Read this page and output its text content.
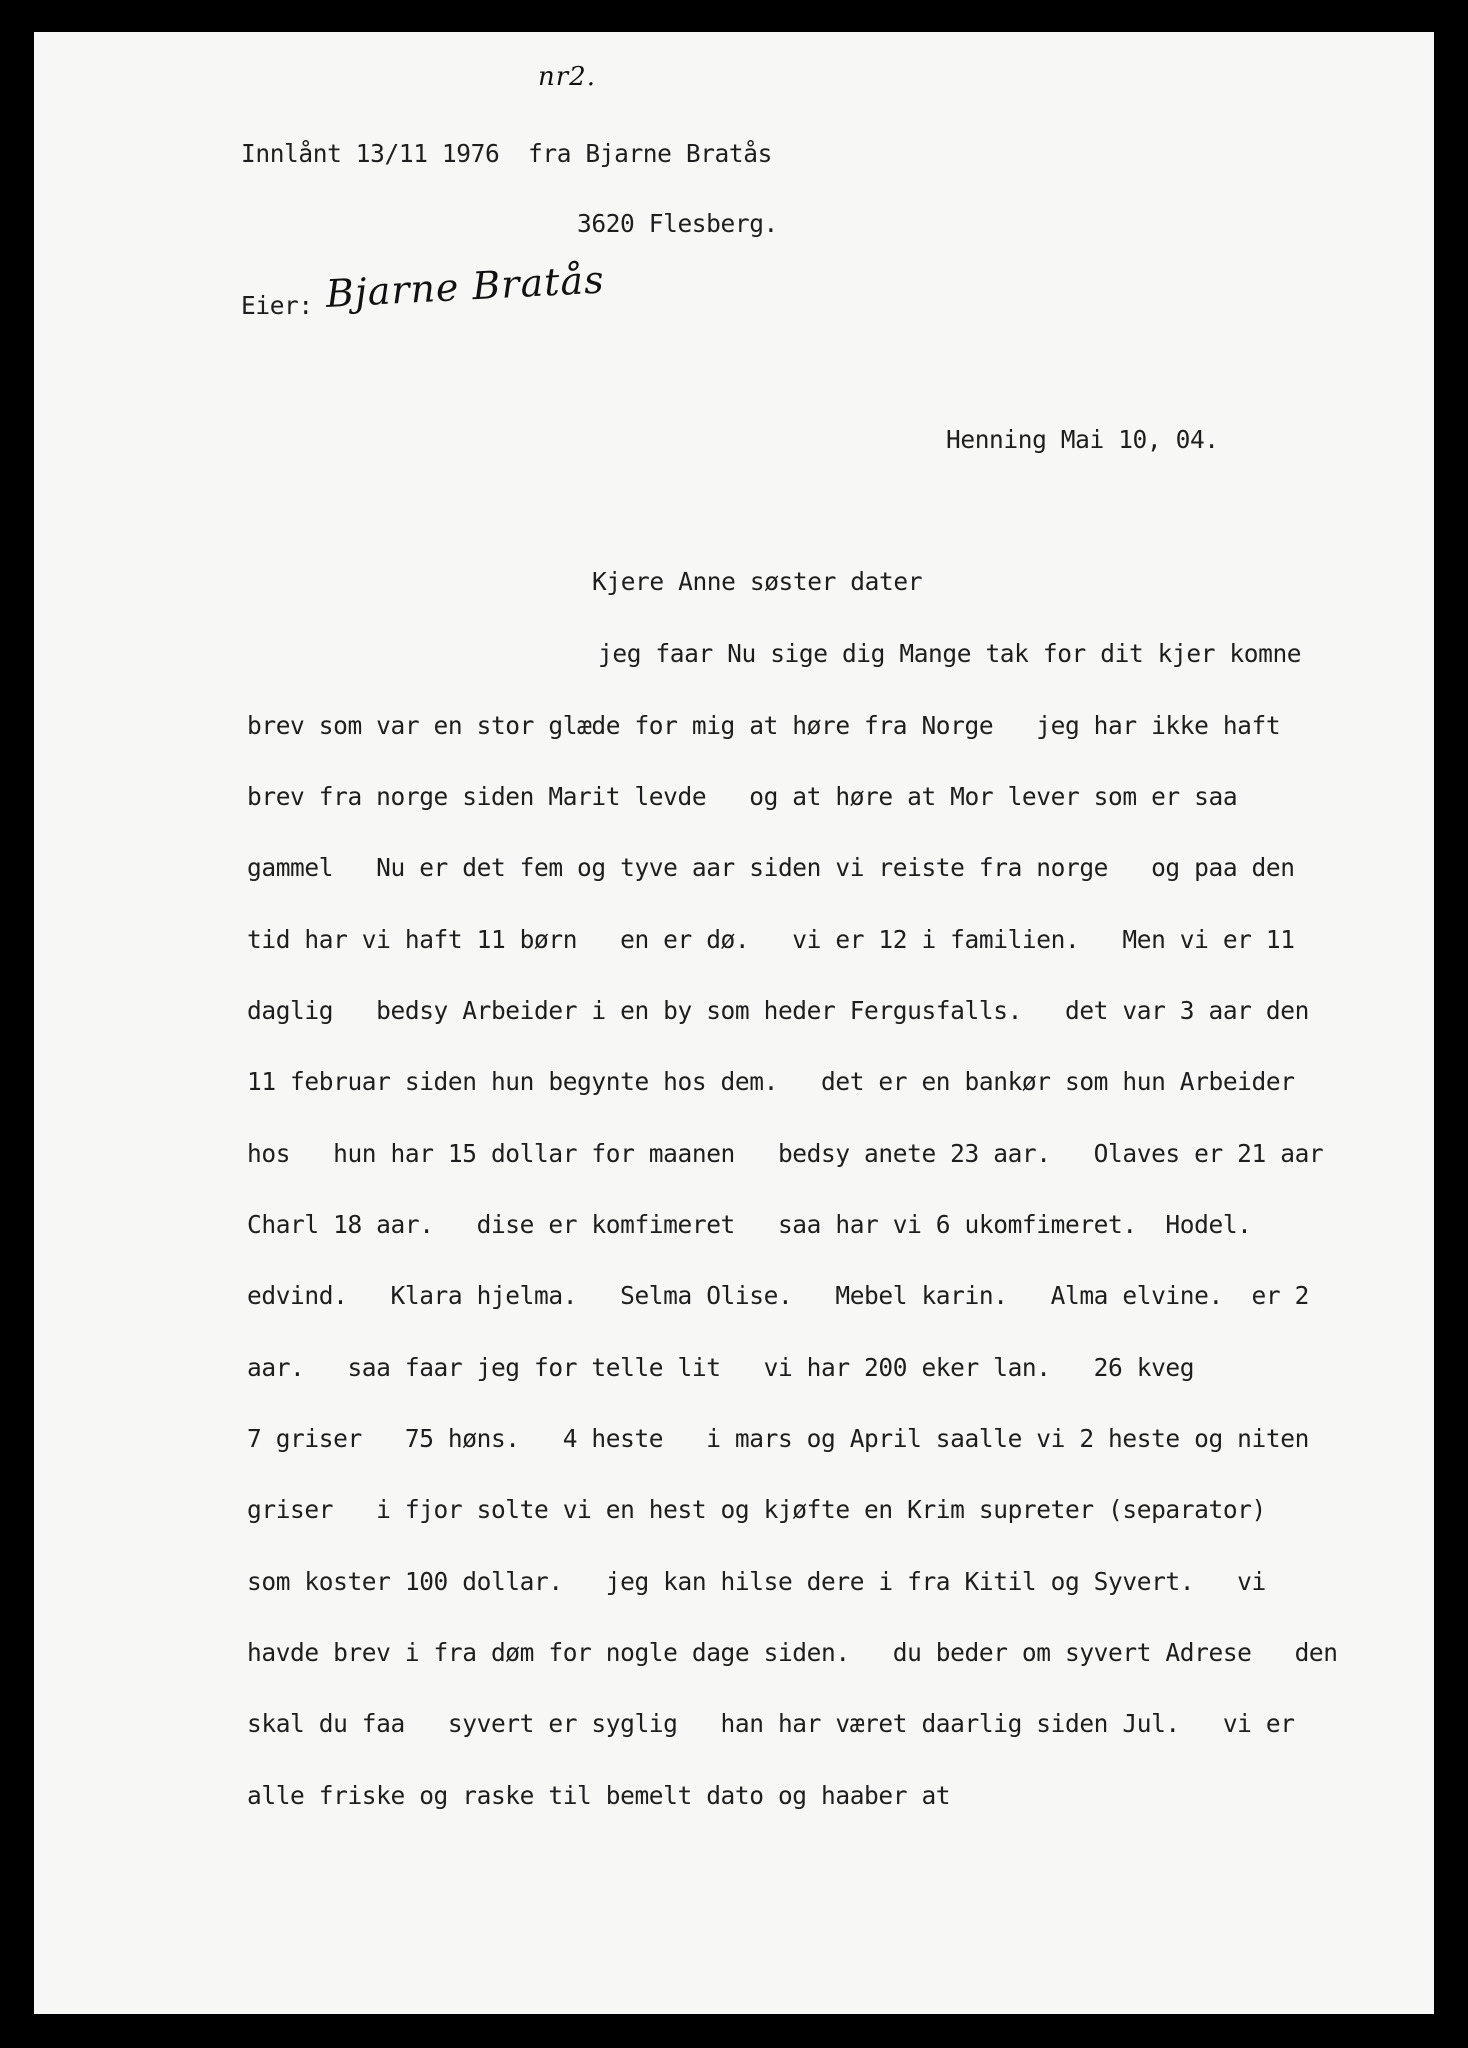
nr2.
Innlånt 13/11 1976  fra Bjarne Bratås
3620 Flesberg.
Eier: Bjarne Bratås
Henning Mai 10, 04.
Kjere Anne søster dater
jeg faar Nu sige dig Mange tak for dit kjer komne
brev som var en stor glæde for mig at høre fra Norge   jeg har ikke haft
brev fra norge siden Marit levde   og at høre at Mor lever som er saa
gammel   Nu er det fem og tyve aar siden vi reiste fra norge   og paa den
tid har vi haft 11 børn   en er dø.   vi er 12 i familien.   Men vi er 11
daglig   bedsy Arbeider i en by som heder Fergusfalls.   det var 3 aar den
11 februar siden hun begynte hos dem.   det er en bankør som hun Arbeider
hos   hun har 15 dollar for maanen   bedsy anete 23 aar.   Olaves er 21 aar
Charl 18 aar.   dise er komfimeret   saa har vi 6 ukomfimeret.  Hodel.
edvind.   Klara hjelma.   Selma Olise.   Mebel karin.   Alma elvine.  er 2
aar.   saa faar jeg for telle lit   vi har 200 eker lan.   26 kveg
7 griser   75 høns.   4 heste   i mars og April saalle vi 2 heste og niten
griser   i fjor solte vi en hest og kjøfte en Krim supreter (separator)
som koster 100 dollar.   jeg kan hilse dere i fra Kitil og Syvert.   vi
havde brev i fra døm for nogle dage siden.   du beder om syvert Adrese   den
skal du faa   syvert er syglig   han har været daarlig siden Jul.   vi er
alle friske og raske til bemelt dato og haaber at
